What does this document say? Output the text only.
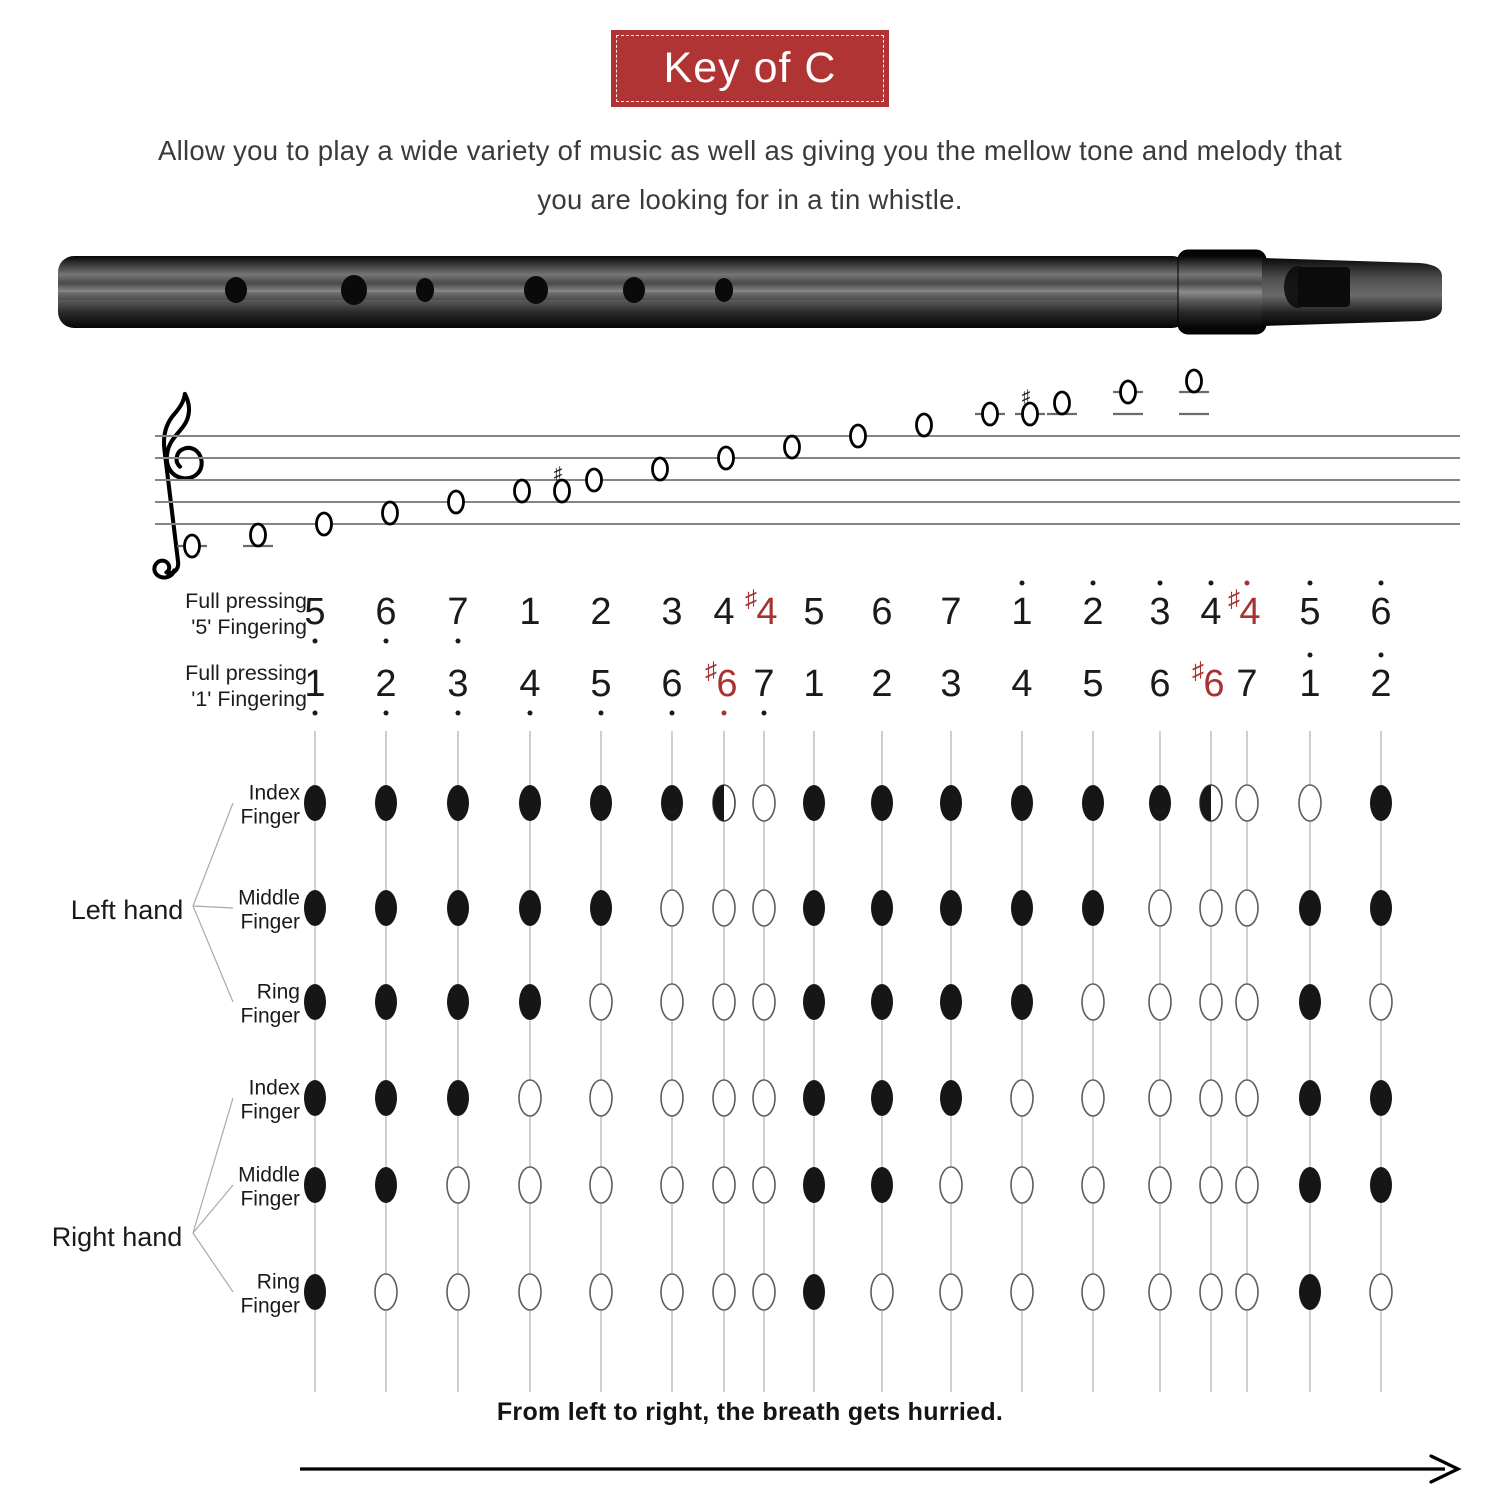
Key of C
Allow you to play a wide variety of music as well as giving you the mellow tone and melody that
you are looking for in a tin whistle.
♯
♯
Full pressing
'5' Fingering
5 6 7 1 2 3 4 4
♯ 5 6 7 1 2 3 4 4
♯ 5 6
Full pressing
'1' Fingering
1 2 3 4 5 6 6
♯ 7 1 2 3 4 5 6 6
♯ 7 1 2
Left hand
Index
Finger
Middle
Finger
Ring
Finger
Right hand
Index
Finger
Middle
Finger
Ring
Finger
From left to right, the breath gets hurried.
